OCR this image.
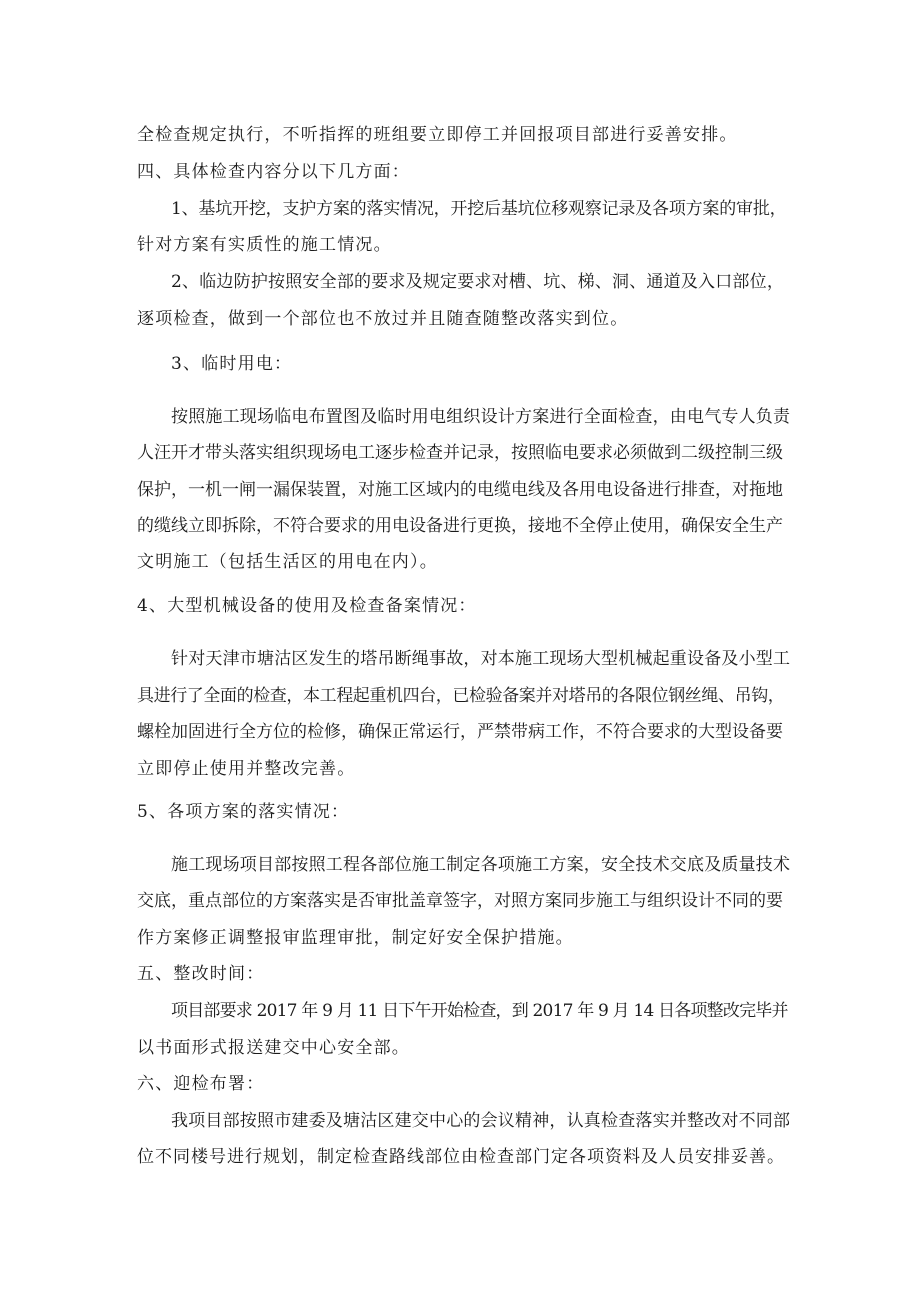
全检查规定执行，不听指挥的班组要立即停工并回报项目部进行妥善安排。
四、具体检查内容分以下几方面：
1、基坑开挖，支护方案的落实情况，开挖后基坑位移观察记录及各项方案的审批，
针对方案有实质性的施工情况。
2、临边防护按照安全部的要求及规定要求对槽、坑、梯、洞、通道及入口部位，
逐项检查，做到一个部位也不放过并且随查随整改落实到位。
3、临时用电：
按照施工现场临电布置图及临时用电组织设计方案进行全面检查，由电气专人负责
人汪开才带头落实组织现场电工逐步检查并记录，按照临电要求必须做到二级控制三级
保护，一机一闸一漏保装置，对施工区域内的电缆电线及各用电设备进行排查，对拖地
的缆线立即拆除，不符合要求的用电设备进行更换，接地不全停止使用，确保安全生产
文明施工（包括生活区的用电在内）。
4、大型机械设备的使用及检查备案情况：
针对天津市塘沽区发生的塔吊断绳事故，对本施工现场大型机械起重设备及小型工
具进行了全面的检查，本工程起重机四台，已检验备案并对塔吊的各限位钢丝绳、吊钩，
螺栓加固进行全方位的检修，确保正常运行，严禁带病工作，不符合要求的大型设备要
立即停止使用并整改完善。
5、各项方案的落实情况：
施工现场项目部按照工程各部位施工制定各项施工方案，安全技术交底及质量技术
交底，重点部位的方案落实是否审批盖章签字，对照方案同步施工与组织设计不同的要
作方案修正调整报审监理审批，制定好安全保护措施。
五、整改时间：
项目部要求 2017 年 9 月 11 日下午开始检查，到 2017 年 9 月 14 日各项整改完毕并
以书面形式报送建交中心安全部。
六、迎检布署：
我项目部按照市建委及塘沽区建交中心的会议精神，认真检查落实并整改对不同部
位不同楼号进行规划，制定检查路线部位由检查部门定各项资料及人员安排妥善。
